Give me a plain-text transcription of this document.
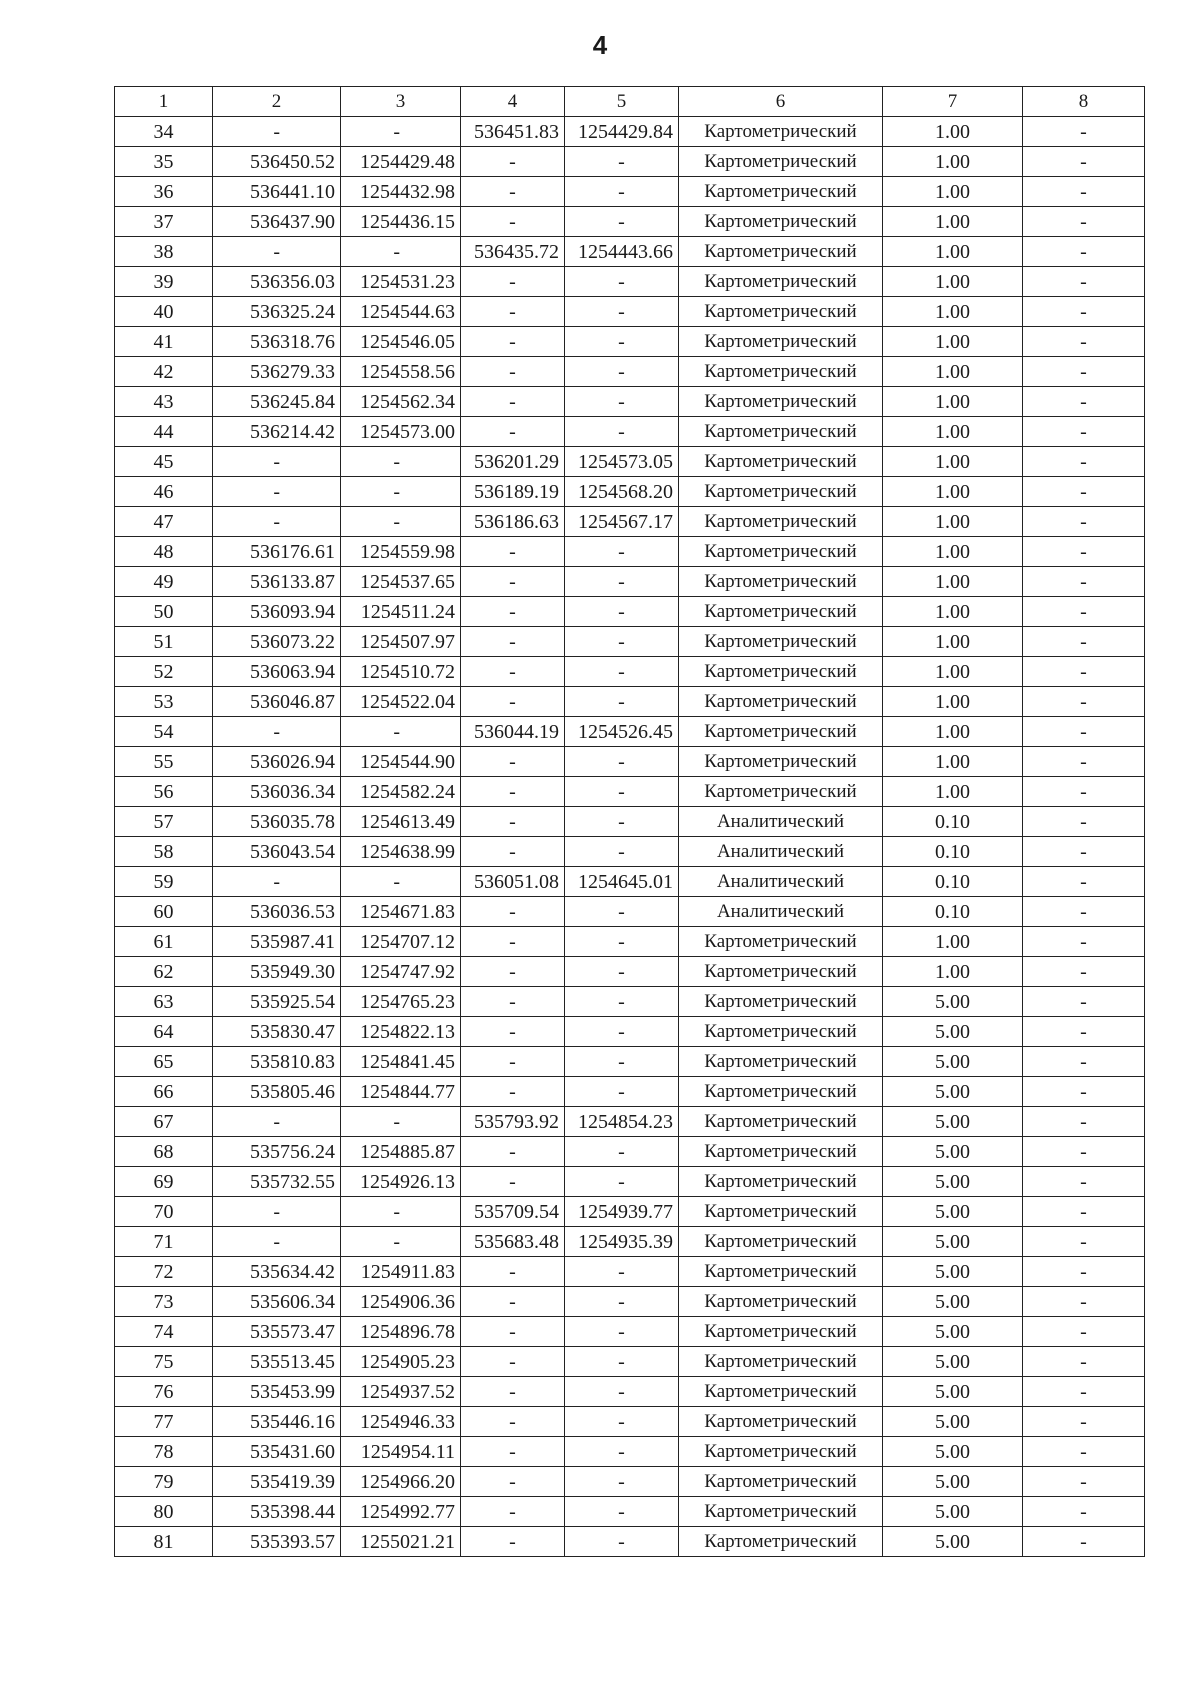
4
1	2	3	4	5	6	7	8
34	-	-	536451.83	1254429.84	Картометрический	1.00	-
35	536450.52	1254429.48	-	-	Картометрический	1.00	-
36	536441.10	1254432.98	-	-	Картометрический	1.00	-
37	536437.90	1254436.15	-	-	Картометрический	1.00	-
38	-	-	536435.72	1254443.66	Картометрический	1.00	-
39	536356.03	1254531.23	-	-	Картометрический	1.00	-
40	536325.24	1254544.63	-	-	Картометрический	1.00	-
41	536318.76	1254546.05	-	-	Картометрический	1.00	-
42	536279.33	1254558.56	-	-	Картометрический	1.00	-
43	536245.84	1254562.34	-	-	Картометрический	1.00	-
44	536214.42	1254573.00	-	-	Картометрический	1.00	-
45	-	-	536201.29	1254573.05	Картометрический	1.00	-
46	-	-	536189.19	1254568.20	Картометрический	1.00	-
47	-	-	536186.63	1254567.17	Картометрический	1.00	-
48	536176.61	1254559.98	-	-	Картометрический	1.00	-
49	536133.87	1254537.65	-	-	Картометрический	1.00	-
50	536093.94	1254511.24	-	-	Картометрический	1.00	-
51	536073.22	1254507.97	-	-	Картометрический	1.00	-
52	536063.94	1254510.72	-	-	Картометрический	1.00	-
53	536046.87	1254522.04	-	-	Картометрический	1.00	-
54	-	-	536044.19	1254526.45	Картометрический	1.00	-
55	536026.94	1254544.90	-	-	Картометрический	1.00	-
56	536036.34	1254582.24	-	-	Картометрический	1.00	-
57	536035.78	1254613.49	-	-	Аналитический	0.10	-
58	536043.54	1254638.99	-	-	Аналитический	0.10	-
59	-	-	536051.08	1254645.01	Аналитический	0.10	-
60	536036.53	1254671.83	-	-	Аналитический	0.10	-
61	535987.41	1254707.12	-	-	Картометрический	1.00	-
62	535949.30	1254747.92	-	-	Картометрический	1.00	-
63	535925.54	1254765.23	-	-	Картометрический	5.00	-
64	535830.47	1254822.13	-	-	Картометрический	5.00	-
65	535810.83	1254841.45	-	-	Картометрический	5.00	-
66	535805.46	1254844.77	-	-	Картометрический	5.00	-
67	-	-	535793.92	1254854.23	Картометрический	5.00	-
68	535756.24	1254885.87	-	-	Картометрический	5.00	-
69	535732.55	1254926.13	-	-	Картометрический	5.00	-
70	-	-	535709.54	1254939.77	Картометрический	5.00	-
71	-	-	535683.48	1254935.39	Картометрический	5.00	-
72	535634.42	1254911.83	-	-	Картометрический	5.00	-
73	535606.34	1254906.36	-	-	Картометрический	5.00	-
74	535573.47	1254896.78	-	-	Картометрический	5.00	-
75	535513.45	1254905.23	-	-	Картометрический	5.00	-
76	535453.99	1254937.52	-	-	Картометрический	5.00	-
77	535446.16	1254946.33	-	-	Картометрический	5.00	-
78	535431.60	1254954.11	-	-	Картометрический	5.00	-
79	535419.39	1254966.20	-	-	Картометрический	5.00	-
80	535398.44	1254992.77	-	-	Картометрический	5.00	-
81	535393.57	1255021.21	-	-	Картометрический	5.00	-
